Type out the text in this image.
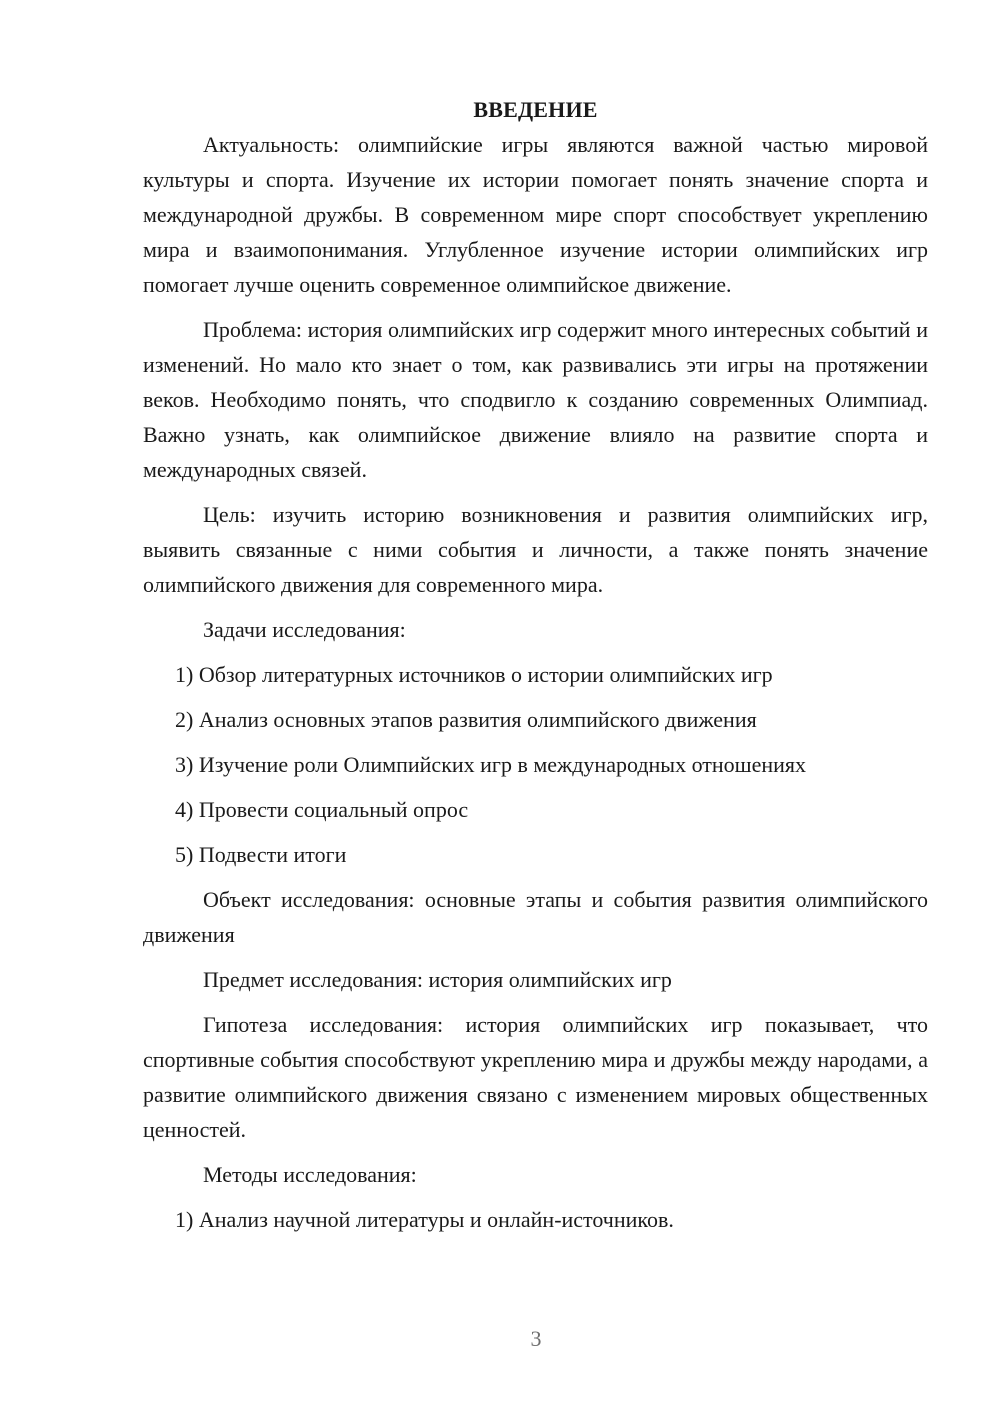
ВВЕДЕНИЕ

Актуальность: олимпийские игры являются важной частью мировой культуры и спорта. Изучение их истории помогает понять значение спорта и международной дружбы. В современном мире спорт способствует укреплению мира и взаимопонимания. Углубленное изучение истории олимпийских игр помогает лучше оценить современное олимпийское движение.

Проблема: история олимпийских игр содержит много интересных событий и изменений. Но мало кто знает о том, как развивались эти игры на протяжении веков. Необходимо понять, что сподвигло к созданию современных Олимпиад. Важно узнать, как олимпийское движение влияло на развитие спорта и международных связей.

Цель: изучить историю возникновения и развития олимпийских игр, выявить связанные с ними события и личности, а также понять значение олимпийского движения для современного мира.

Задачи исследования:

1) Обзор литературных источников о истории олимпийских игр
2) Анализ основных этапов развития олимпийского движения
3) Изучение роли Олимпийских игр в международных отношениях
4) Провести социальный опрос
5) Подвести итоги

Объект исследования: основные этапы и события развития олимпийского движения

Предмет исследования: история олимпийских игр

Гипотеза исследования: история олимпийских игр показывает, что спортивные события способствуют укреплению мира и дружбы между народами, а развитие олимпийского движения связано с изменением мировых общественных ценностей.

Методы исследования:

1) Анализ научной литературы и онлайн-источников.
3
